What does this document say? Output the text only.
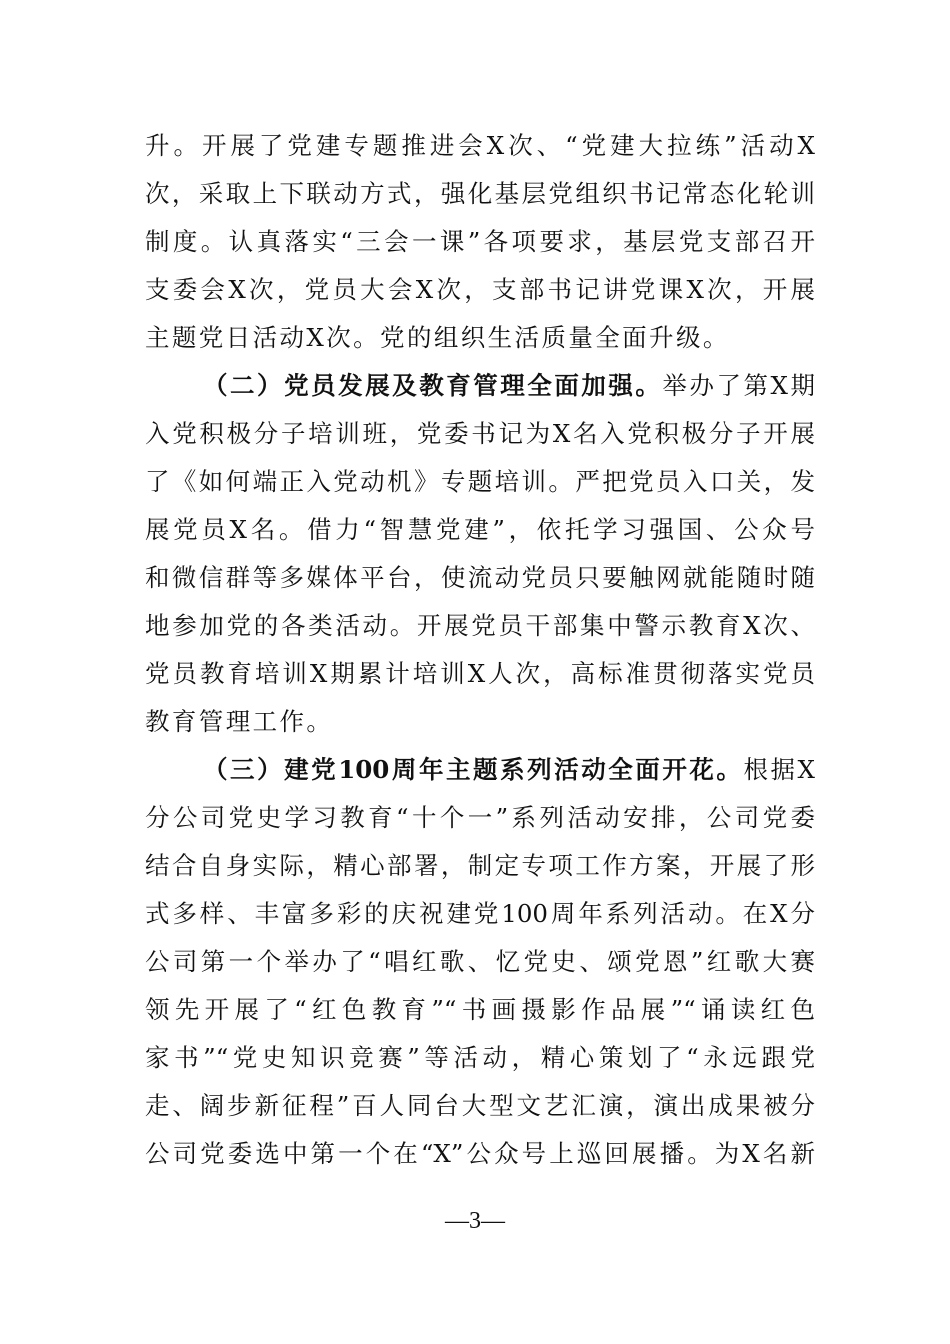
升。开展了党建专题推进会X次、“党建大拉练”活动X
次，采取上下联动方式，强化基层党组织书记常态化轮训
制度。认真落实“三会一课”各项要求，基层党支部召开
支委会X次，党员大会X次，支部书记讲党课X次，开展
主题党日活动X次。党的组织生活质量全面升级。
（二）党员发展及教育管理全面加强。举办了第X期
入党积极分子培训班，党委书记为X名入党积极分子开展
了《如何端正入党动机》专题培训。严把党员入口关，发
展党员X名。借力“智慧党建”，依托学习强国、公众号
和微信群等多媒体平台，使流动党员只要触网就能随时随
地参加党的各类活动。开展党员干部集中警示教育X次、
党员教育培训X期累计培训X人次，高标准贯彻落实党员
教育管理工作。
（三）建党100周年主题系列活动全面开花。根据X
分公司党史学习教育“十个一”系列活动安排，公司党委
结合自身实际，精心部署，制定专项工作方案，开展了形
式多样、丰富多彩的庆祝建党100周年系列活动。在X分
公司第一个举办了“唱红歌、忆党史、颂党恩”红歌大赛
领先开展了“红色教育”“书画摄影作品展”“诵读红色
家书”“党史知识竞赛”等活动，精心策划了“永远跟党
走、阔步新征程”百人同台大型文艺汇演，演出成果被分
公司党委选中第一个在“X”公众号上巡回展播。为X名新
—3—
